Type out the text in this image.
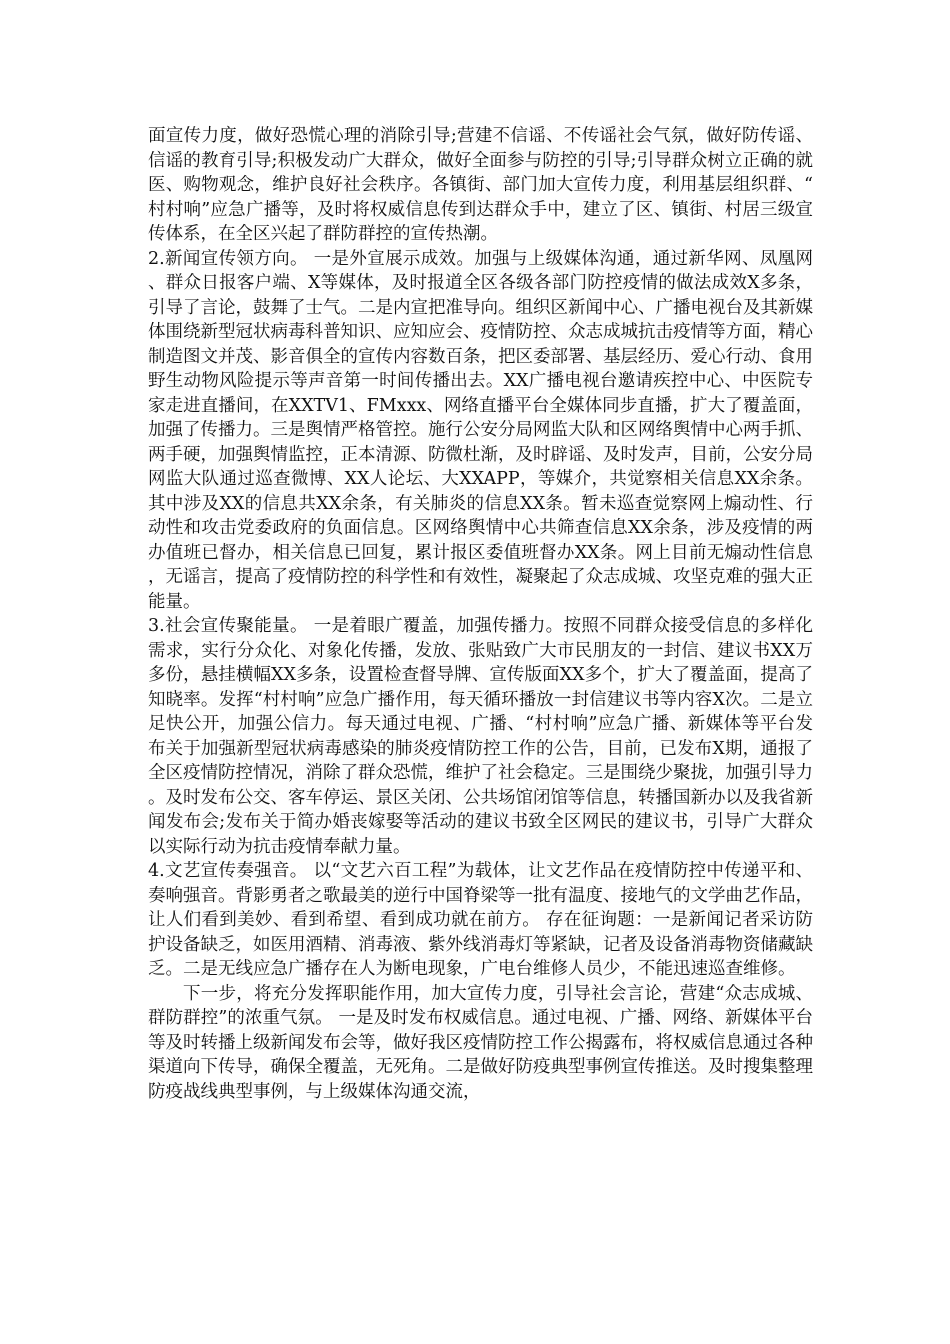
面宣传力度，做好恐慌心理的消除引导;营建不信谣、不传谣社会气氛，做好防传谣、信谣的教育引导;积极发动广大群众，做好全面参与防控的引导;引导群众树立正确的就医、购物观念，维护良好社会秩序。各镇街、部门加大宣传力度，利用基层组织群、“村村响”应急广播等，及时将权威信息传到达群众手中，建立了区、镇街、村居三级宣传体系，在全区兴起了群防群控的宣传热潮。

2.新闻宣传领方向。 一是外宣展示成效。加强与上级媒体沟通，通过新华网、凤凰网、群众日报客户端、X等媒体，及时报道全区各级各部门防控疫情的做法成效X多条，引导了言论，鼓舞了士气。二是内宣把准导向。组织区新闻中心、广播电视台及其新媒体围绕新型冠状病毒科普知识、应知应会、疫情防控、众志成城抗击疫情等方面，精心制造图文并茂、影音俱全的宣传内容数百条，把区委部署、基层经历、爱心行动、食用野生动物风险提示等声音第一时间传播出去。XX广播电视台邀请疾控中心、中医院专家走进直播间，在XXTV1、FMxxx、网络直播平台全媒体同步直播，扩大了覆盖面，加强了传播力。三是舆情严格管控。施行公安分局网监大队和区网络舆情中心两手抓、两手硬，加强舆情监控，正本清源、防微杜渐，及时辟谣、及时发声，目前，公安分局网监大队通过巡查微博、XX人论坛、大XXAPP，等媒介，共觉察相关信息XX余条。其中涉及XX的信息共XX余条，有关肺炎的信息XX条。暂未巡查觉察网上煽动性、行动性和攻击党委政府的负面信息。区网络舆情中心共筛查信息XX余条，涉及疫情的两办值班已督办，相关信息已回复，累计报区委值班督办XX条。网上目前无煽动性信息，无谣言，提高了疫情防控的科学性和有效性，凝聚起了众志成城、攻坚克难的强大正能量。

3.社会宣传聚能量。 一是着眼广覆盖，加强传播力。按照不同群众接受信息的多样化需求，实行分众化、对象化传播，发放、张贴致广大市民朋友的一封信、建议书XX万多份，悬挂横幅XX多条，设置检查督导牌、宣传版面XX多个，扩大了覆盖面，提高了知晓率。发挥“村村响”应急广播作用，每天循环播放一封信建议书等内容X次。二是立足快公开，加强公信力。每天通过电视、广播、“村村响”应急广播、新媒体等平台发布关于加强新型冠状病毒感染的肺炎疫情防控工作的公告，目前，已发布X期，通报了全区疫情防控情况，消除了群众恐慌，维护了社会稳定。三是围绕少聚拢，加强引导力。及时发布公交、客车停运、景区关闭、公共场馆闭馆等信息，转播国新办以及我省新闻发布会;发布关于简办婚丧嫁娶等活动的建议书致全区网民的建议书，引导广大群众以实际行动为抗击疫情奉献力量。

4.文艺宣传奏强音。 以“文艺六百工程”为载体，让文艺作品在疫情防控中传递平和、奏响强音。背影勇者之歌最美的逆行中国脊梁等一批有温度、接地气的文学曲艺作品，让人们看到美妙、看到希望、看到成功就在前方。 存在征询题：一是新闻记者采访防护设备缺乏，如医用酒精、消毒液、紫外线消毒灯等紧缺，记者及设备消毒物资储藏缺乏。二是无线应急广播存在人为断电现象，广电台维修人员少，不能迅速巡查维修。

下一步，将充分发挥职能作用，加大宣传力度，引导社会言论，营建“众志成城、群防群控”的浓重气氛。 一是及时发布权威信息。通过电视、广播、网络、新媒体平台等及时转播上级新闻发布会等，做好我区疫情防控工作公揭露布，将权威信息通过各种渠道向下传导，确保全覆盖，无死角。二是做好防疫典型事例宣传推送。及时搜集整理防疫战线典型事例，与上级媒体沟通交流，
